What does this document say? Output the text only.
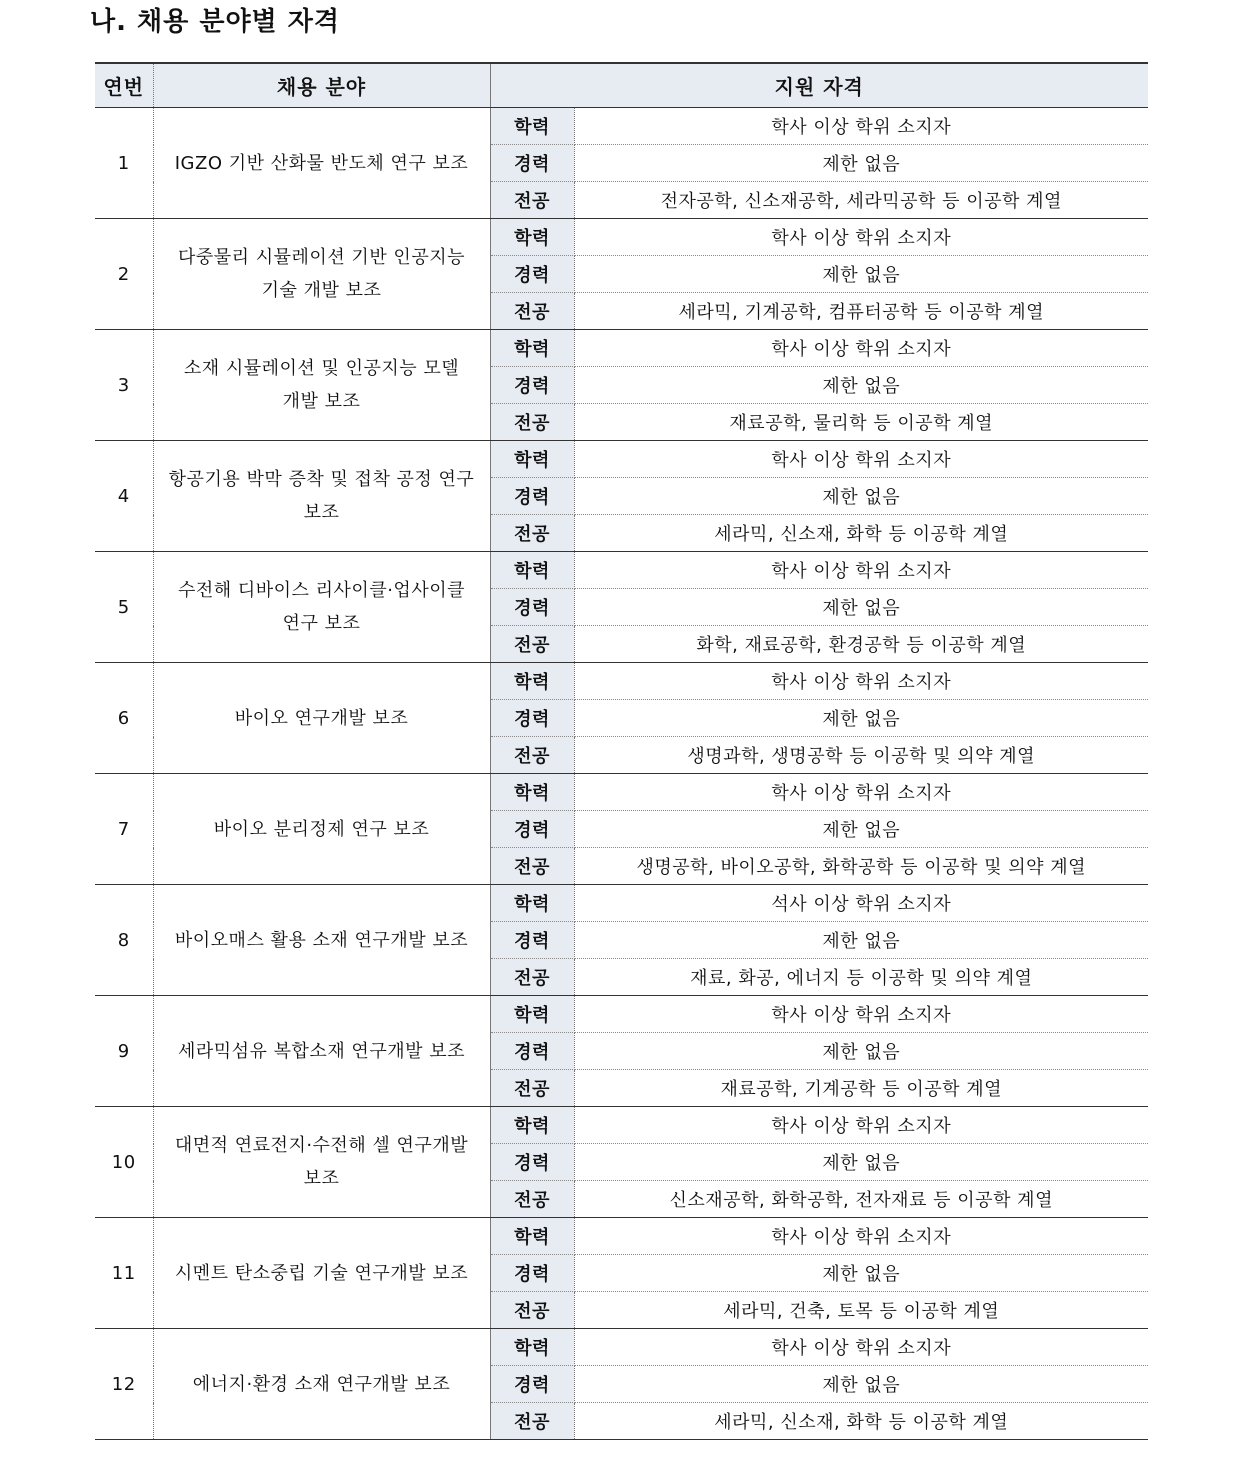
나. 채용 분야별 자격
연번	채용 분야	지원 자격	
1	IGZO 기반 산화물 반도체 연구 보조	학력	학사 이상 학위 소지자
		경력	제한 없음
		전공	전자공학, 신소재공학, 세라믹공학 등 이공학 계열
2	다중물리 시뮬레이션 기반 인공지능 기술 개발 보조	학력	학사 이상 학위 소지자
		경력	제한 없음
		전공	세라믹, 기계공학, 컴퓨터공학 등 이공학 계열
3	소재 시뮬레이션 및 인공지능 모델 개발 보조	학력	학사 이상 학위 소지자
		경력	제한 없음
		전공	재료공학, 물리학 등 이공학 계열
4	항공기용 박막 증착 및 접착 공정 연구 보조	학력	학사 이상 학위 소지자
		경력	제한 없음
		전공	세라믹, 신소재, 화학 등 이공학 계열
5	수전해 디바이스 리사이클·업사이클 연구 보조	학력	학사 이상 학위 소지자
		경력	제한 없음
		전공	화학, 재료공학, 환경공학 등 이공학 계열
6	바이오 연구개발 보조	학력	학사 이상 학위 소지자
		경력	제한 없음
		전공	생명과학, 생명공학 등 이공학 및 의약 계열
7	바이오 분리정제 연구 보조	학력	학사 이상 학위 소지자
		경력	제한 없음
		전공	생명공학, 바이오공학, 화학공학 등 이공학 및 의약 계열
8	바이오매스 활용 소재 연구개발 보조	학력	석사 이상 학위 소지자
		경력	제한 없음
		전공	재료, 화공, 에너지 등 이공학 및 의약 계열
9	세라믹섬유 복합소재 연구개발 보조	학력	학사 이상 학위 소지자
		경력	제한 없음
		전공	재료공학, 기계공학 등 이공학 계열
10	대면적 연료전지·수전해 셀 연구개발 보조	학력	학사 이상 학위 소지자
		경력	제한 없음
		전공	신소재공학, 화학공학, 전자재료 등 이공학 계열
11	시멘트 탄소중립 기술 연구개발 보조	학력	학사 이상 학위 소지자
		경력	제한 없음
		전공	세라믹, 건축, 토목 등 이공학 계열
12	에너지·환경 소재 연구개발 보조	학력	학사 이상 학위 소지자
		경력	제한 없음
		전공	세라믹, 신소재, 화학 등 이공학 계열
